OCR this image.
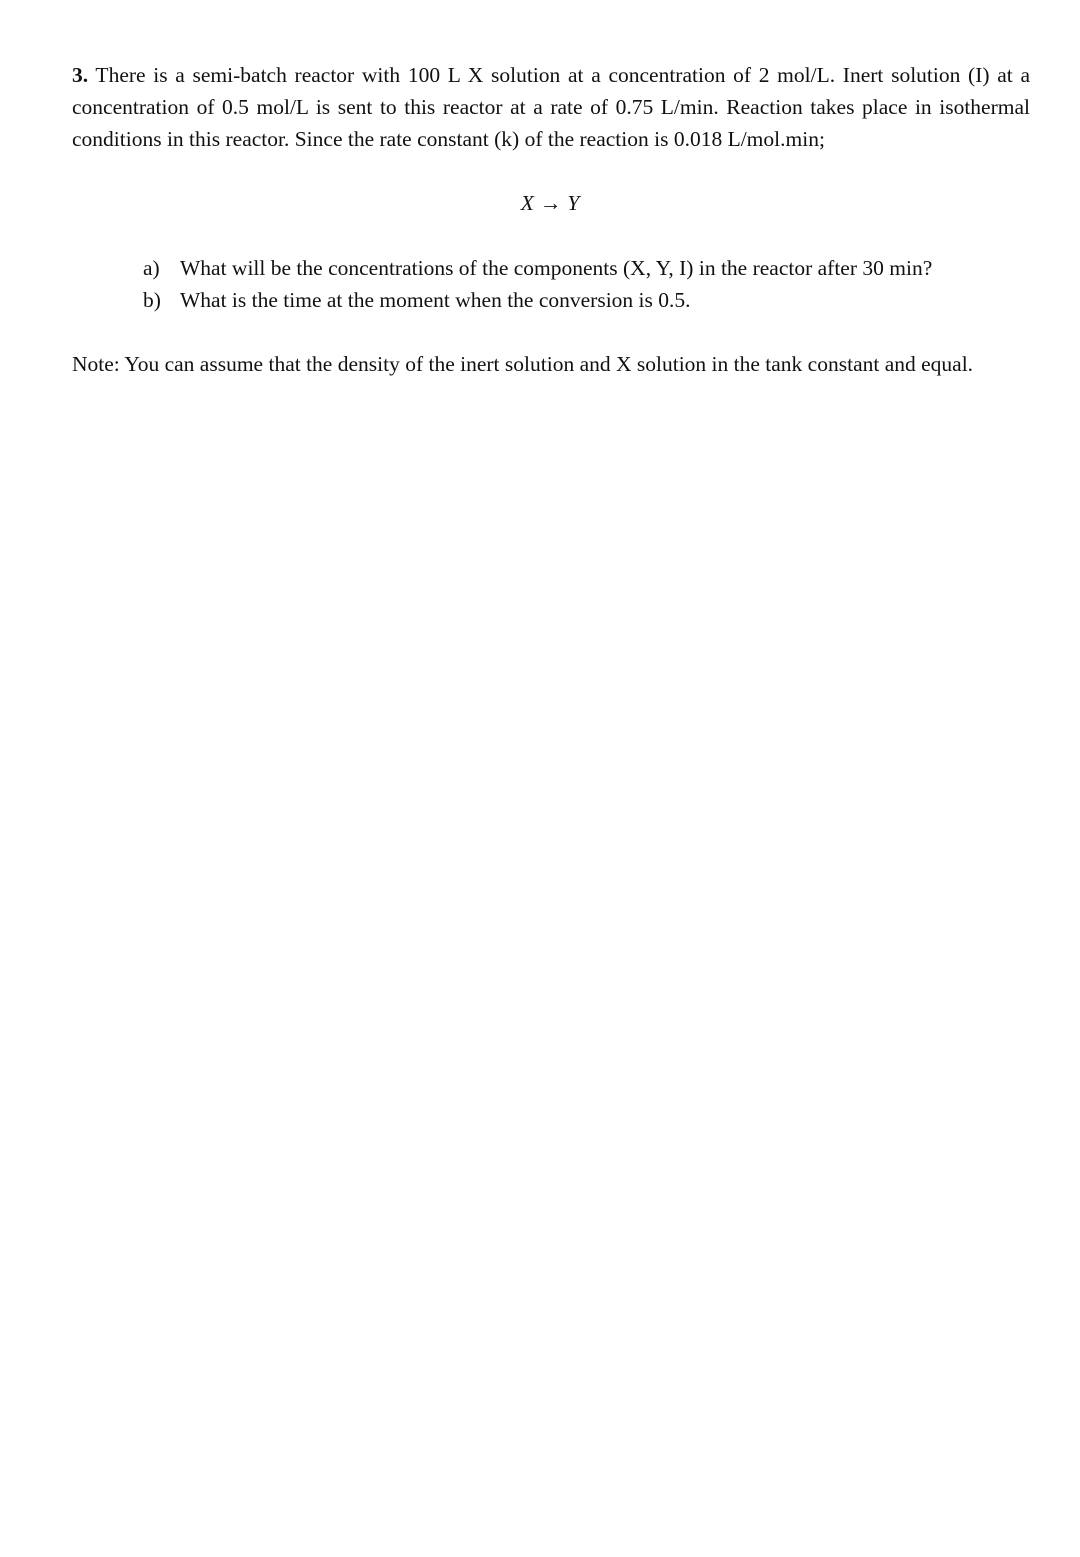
3. There is a semi-batch reactor with 100 L X solution at a concentration of 2 mol/L. Inert solution (I) at a concentration of 0.5 mol/L is sent to this reactor at a rate of 0.75 L/min. Reaction takes place in isothermal conditions in this reactor. Since the rate constant (k) of the reaction is 0.018 L/mol.min;

X → Y
a) What will be the concentrations of the components (X, Y, I) in the reactor after 30 min?
b) What is the time at the moment when the conversion is 0.5.

Note: You can assume that the density of the inert solution and X solution in the tank constant and equal.
